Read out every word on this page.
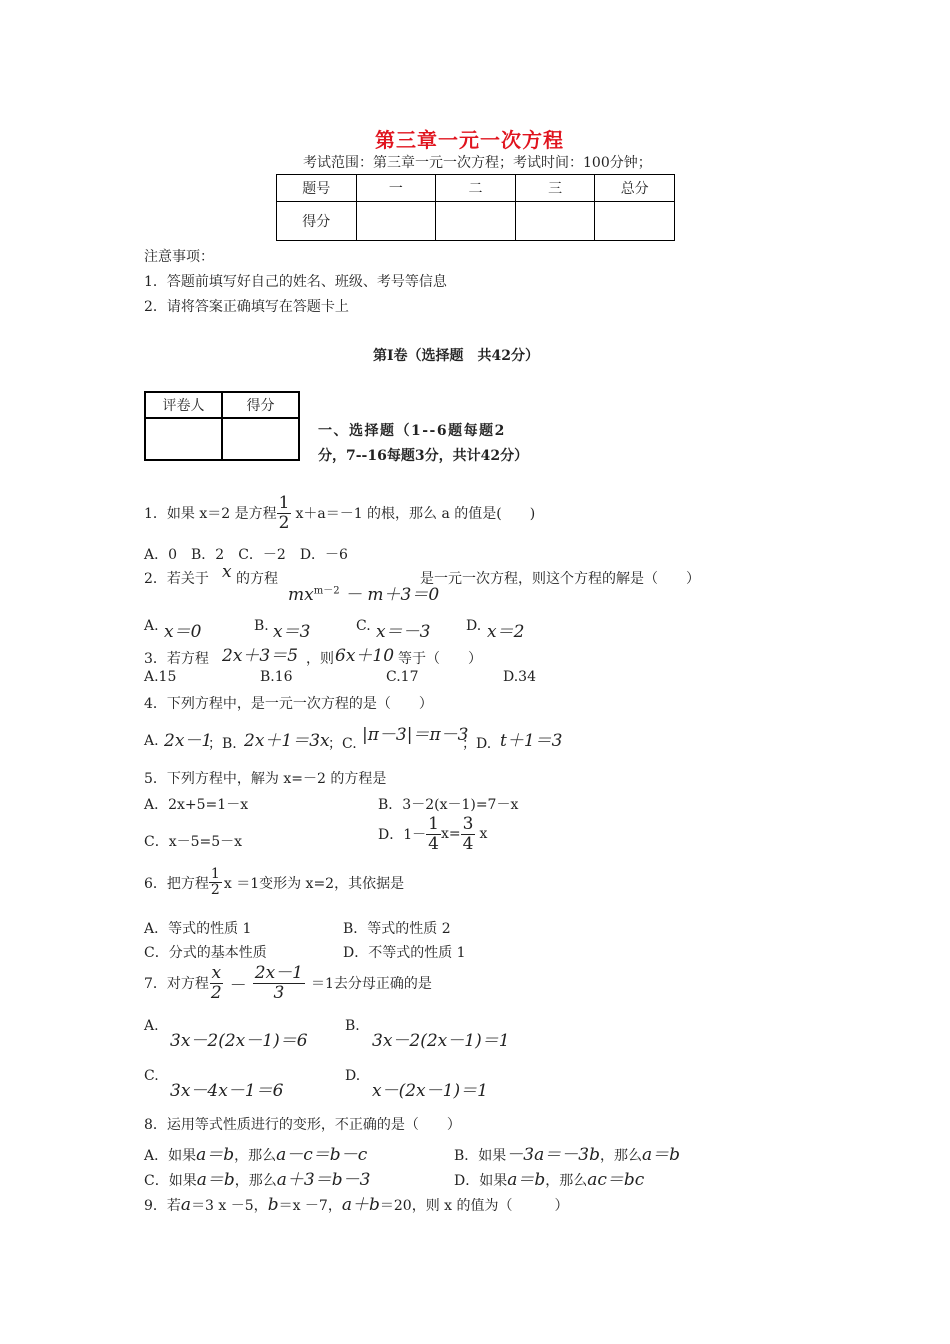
第三章一元一次方程
考试范围：第三章一元一次方程；考试时间：100分钟；
题号	一	二	三	总分
得分				
注意事项：
1．答题前填写好自己的姓名、班级、考号等信息
2．请将答案正确填写在答题卡上
第Ⅰ卷（选择题　共42分）
评卷人	得分

一、选择题（1--6题每题2
分，7--16每题3分，共计42分）
1．如果 x＝2 是方程 $\frac{1}{2} x+a=-1$ 的根，那么 a 的值是(　　)
A．0　B．2　C．－2　D．－6
2．若关于 x 的方程
$mx^{m-2} - m+3=0$
是一元一次方程，则这个方程的解是（　　）
A. x＝0	B. x＝3	C. x＝－3	D. x＝2
3．若方程 2x＋3＝5 ，则 6x＋10 等于（　　）
A.15	B.16	C.17	D.34
4．下列方程中，是一元一次方程的是（　　）
A. 2x－1
；B. 2x＋1＝3x
；C. |π－3|＝π－3
；D. t＋1＝3
5．下列方程中，解为 x=－2 的方程是
A．2x+5=1－x	B．3－2(x－1)=7－x
C．x－5=5－x	D．$1- \frac{1}{4} x= \frac{3}{4}$ x
6．把方程 $\frac{1}{2}$ x ＝1变形为 x=2，其依据是
A．等式的性质 1	B．等式的性质 2
C．分式的基本性质	D．不等式的性质 1
7．对方程 $\frac{x}{2} - \frac{2x-1}{3} =1$去分母正确的是
A.
3x－2(2x－1)＝6
B.
3x－2(2x－1)＝1
C.
3x－4x－1＝6
D.
x－(2x－1)＝1
8．运用等式性质进行的变形，不正确的是（　　）
A．如果a＝b，那么a－c＝b－c	B．如果－3a＝－3b，那么a＝b
C．如果a＝b，那么a＋3＝b－3	D．如果a＝b，那么ac＝bc
9．若a＝3 x －5，b＝x －7，a＋b＝20，则 x 的值为（　　　）
